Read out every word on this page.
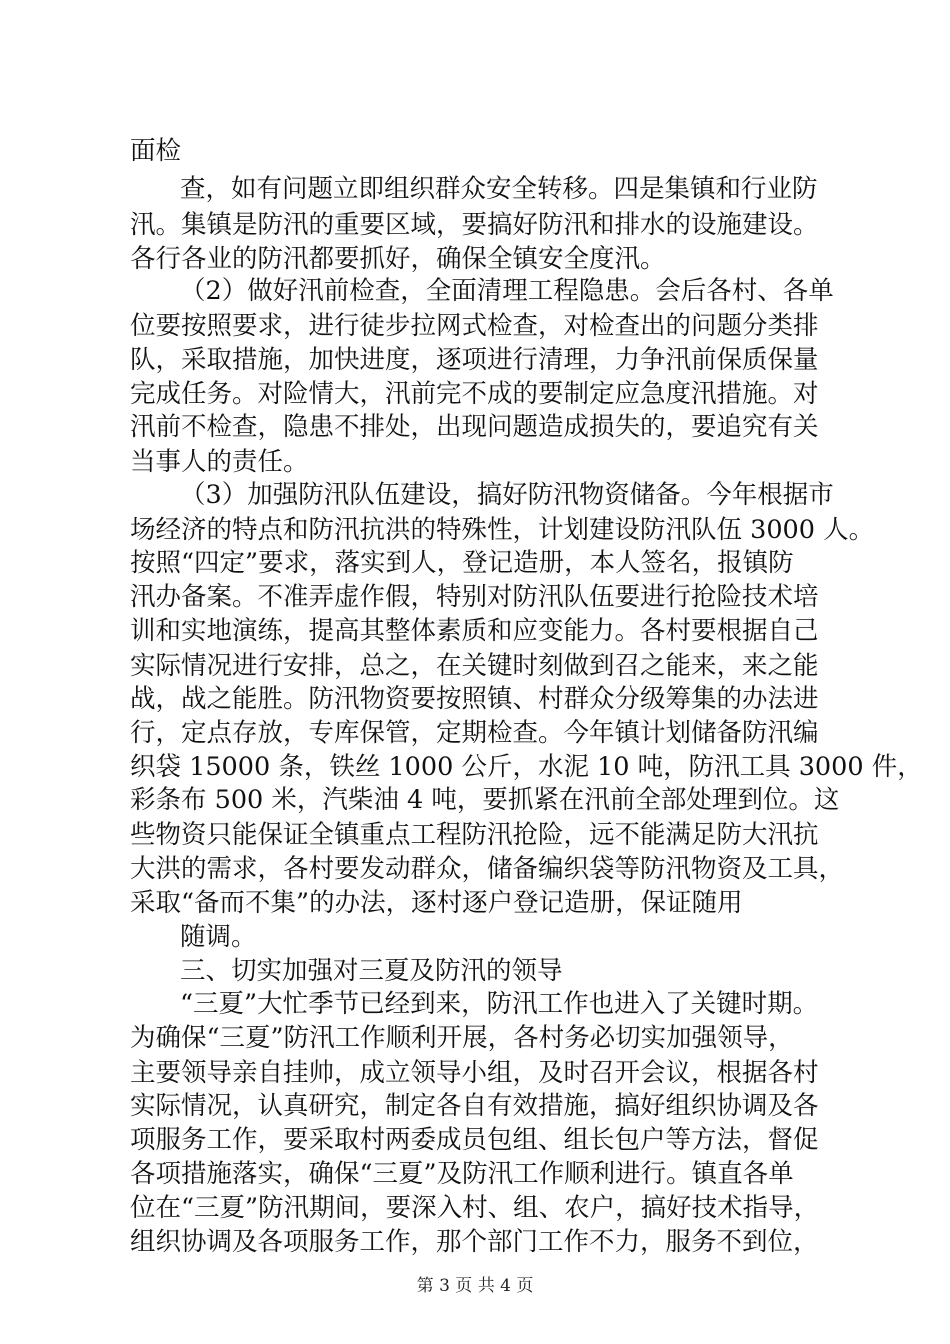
面检
查，如有问题立即组织群众安全转移。四是集镇和行业防
汛。集镇是防汛的重要区域，要搞好防汛和排水的设施建设。
各行各业的防汛都要抓好，确保全镇安全度汛。
（2）做好汛前检查，全面清理工程隐患。会后各村、各单
位要按照要求，进行徒步拉网式检查，对检查出的问题分类排
队，采取措施，加快进度，逐项进行清理，力争汛前保质保量
完成任务。对险情大，汛前完不成的要制定应急度汛措施。对
汛前不检查，隐患不排处，出现问题造成损失的，要追究有关
当事人的责任。
（3）加强防汛队伍建设，搞好防汛物资储备。今年根据市
场经济的特点和防汛抗洪的特殊性，计划建设防汛队伍 3000 人。
按照“四定”要求，落实到人，登记造册，本人签名，报镇防
汛办备案。不准弄虚作假，特别对防汛队伍要进行抢险技术培
训和实地演练，提高其整体素质和应变能力。各村要根据自己
实际情况进行安排，总之，在关键时刻做到召之能来，来之能
战，战之能胜。防汛物资要按照镇、村群众分级筹集的办法进
行，定点存放，专库保管，定期检查。今年镇计划储备防汛编
织袋 15000 条，铁丝 1000 公斤，水泥 10 吨，防汛工具 3000 件，
彩条布 500 米，汽柴油 4 吨，要抓紧在汛前全部处理到位。这
些物资只能保证全镇重点工程防汛抢险，远不能满足防大汛抗
大洪的需求，各村要发动群众，储备编织袋等防汛物资及工具，
采取“备而不集”的办法，逐村逐户登记造册，保证随用
随调。
三、切实加强对三夏及防汛的领导
“三夏”大忙季节已经到来，防汛工作也进入了关键时期。
为确保“三夏”防汛工作顺利开展，各村务必切实加强领导，
主要领导亲自挂帅，成立领导小组，及时召开会议，根据各村
实际情况，认真研究，制定各自有效措施，搞好组织协调及各
项服务工作，要采取村两委成员包组、组长包户等方法，督促
各项措施落实，确保“三夏”及防汛工作顺利进行。镇直各单
位在“三夏”防汛期间，要深入村、组、农户，搞好技术指导，
组织协调及各项服务工作，那个部门工作不力，服务不到位，
第 3 页 共 4 页
